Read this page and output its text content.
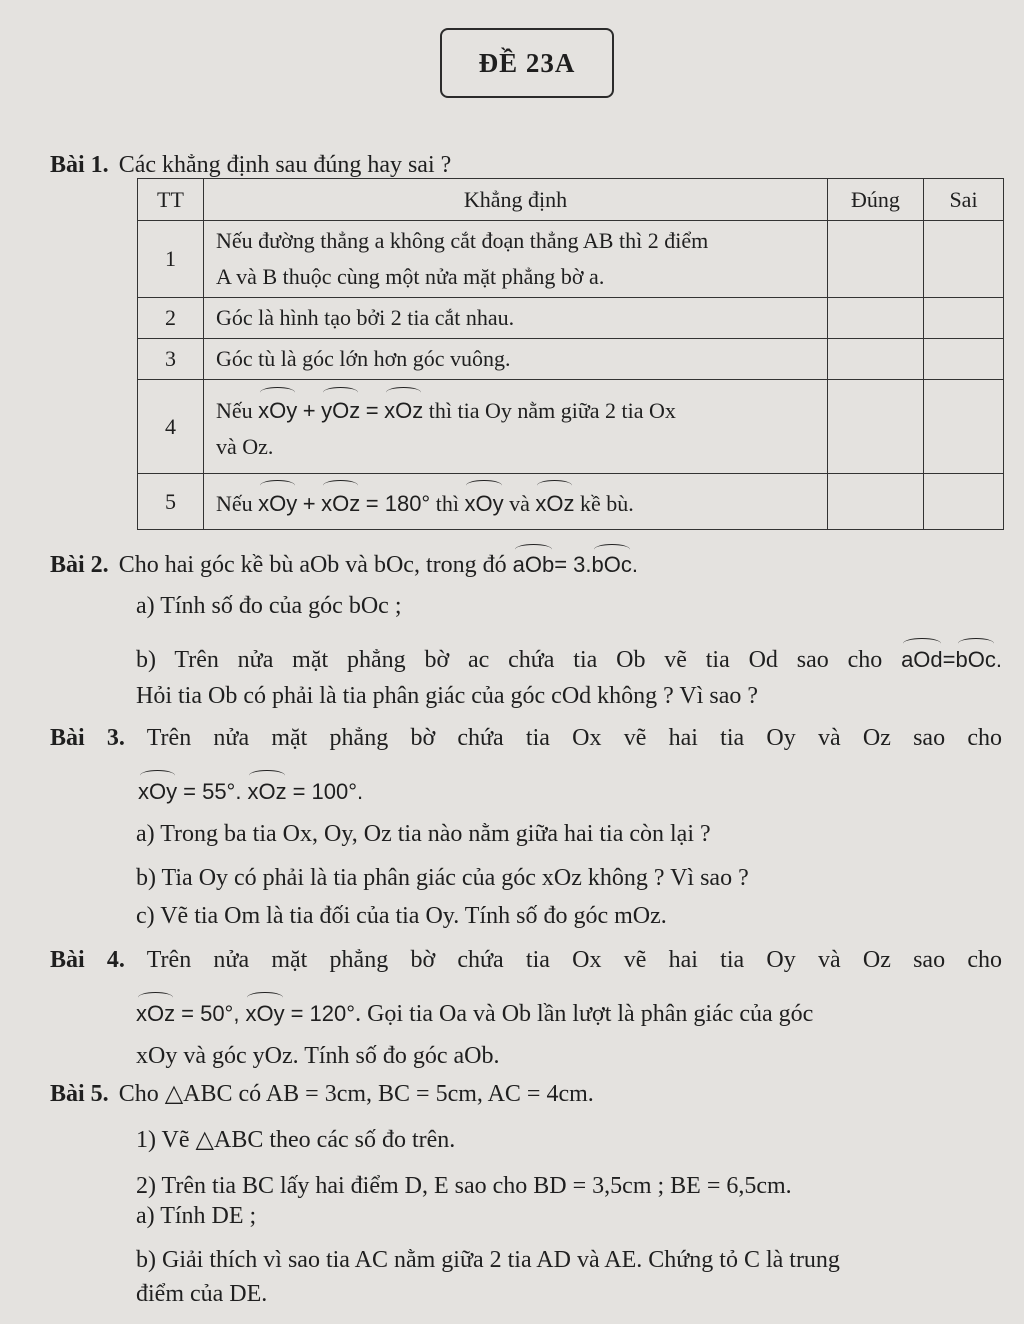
ĐỀ 23A
Bài 1. Các khẳng định sau đúng hay sai ?
TT	Khẳng định	Đúng	Sai
1	Nếu đường thẳng a không cắt đoạn thẳng AB thì 2 điểm
A và B thuộc cùng một nửa mặt phẳng bờ a.		

2	Góc là hình tạo bởi 2 tia cắt nhau.		
3	Góc tù là góc lớn hơn góc vuông.		
4	Nếu xOy + yOz = xOz thì tia Oy nằm giữa 2 tia Ox
và Oz.		

5	Nếu xOy + xOz = 180° thì xOy và xOz kề bù.		
Bài 2. Cho hai góc kề bù aOb và bOc, trong đó aOb= 3.bOc.
a) Tính số đo của góc bOc ;
b) Trên nửa mặt phẳng bờ ac chứa tia Ob vẽ tia Od sao cho aOd=bOc.
Hỏi tia Ob có phải là tia phân giác của góc cOd không ? Vì sao ?
Bài 3. Trên nửa mặt phẳng bờ chứa tia Ox vẽ hai tia Oy và Oz sao cho
xOy = 55°. xOz = 100°.
a) Trong ba tia Ox, Oy, Oz tia nào nằm giữa hai tia còn lại ?
b) Tia Oy có phải là tia phân giác của góc xOz không ? Vì sao ?
c) Vẽ tia Om là tia đối của tia Oy. Tính số đo góc mOz.
Bài 4. Trên nửa mặt phẳng bờ chứa tia Ox vẽ hai tia Oy và Oz sao cho
xOz = 50°, xOy = 120°. Gọi tia Oa và Ob lần lượt là phân giác của góc
xOy và góc yOz. Tính số đo góc aOb.
Bài 5. Cho △ABC có AB = 3cm, BC = 5cm, AC = 4cm.
1) Vẽ △ABC theo các số đo trên.
2) Trên tia BC lấy hai điểm D, E sao cho BD = 3,5cm ; BE = 6,5cm.
a) Tính DE ;
b) Giải thích vì sao tia AC nằm giữa 2 tia AD và AE. Chứng tỏ C là trung
điểm của DE.
